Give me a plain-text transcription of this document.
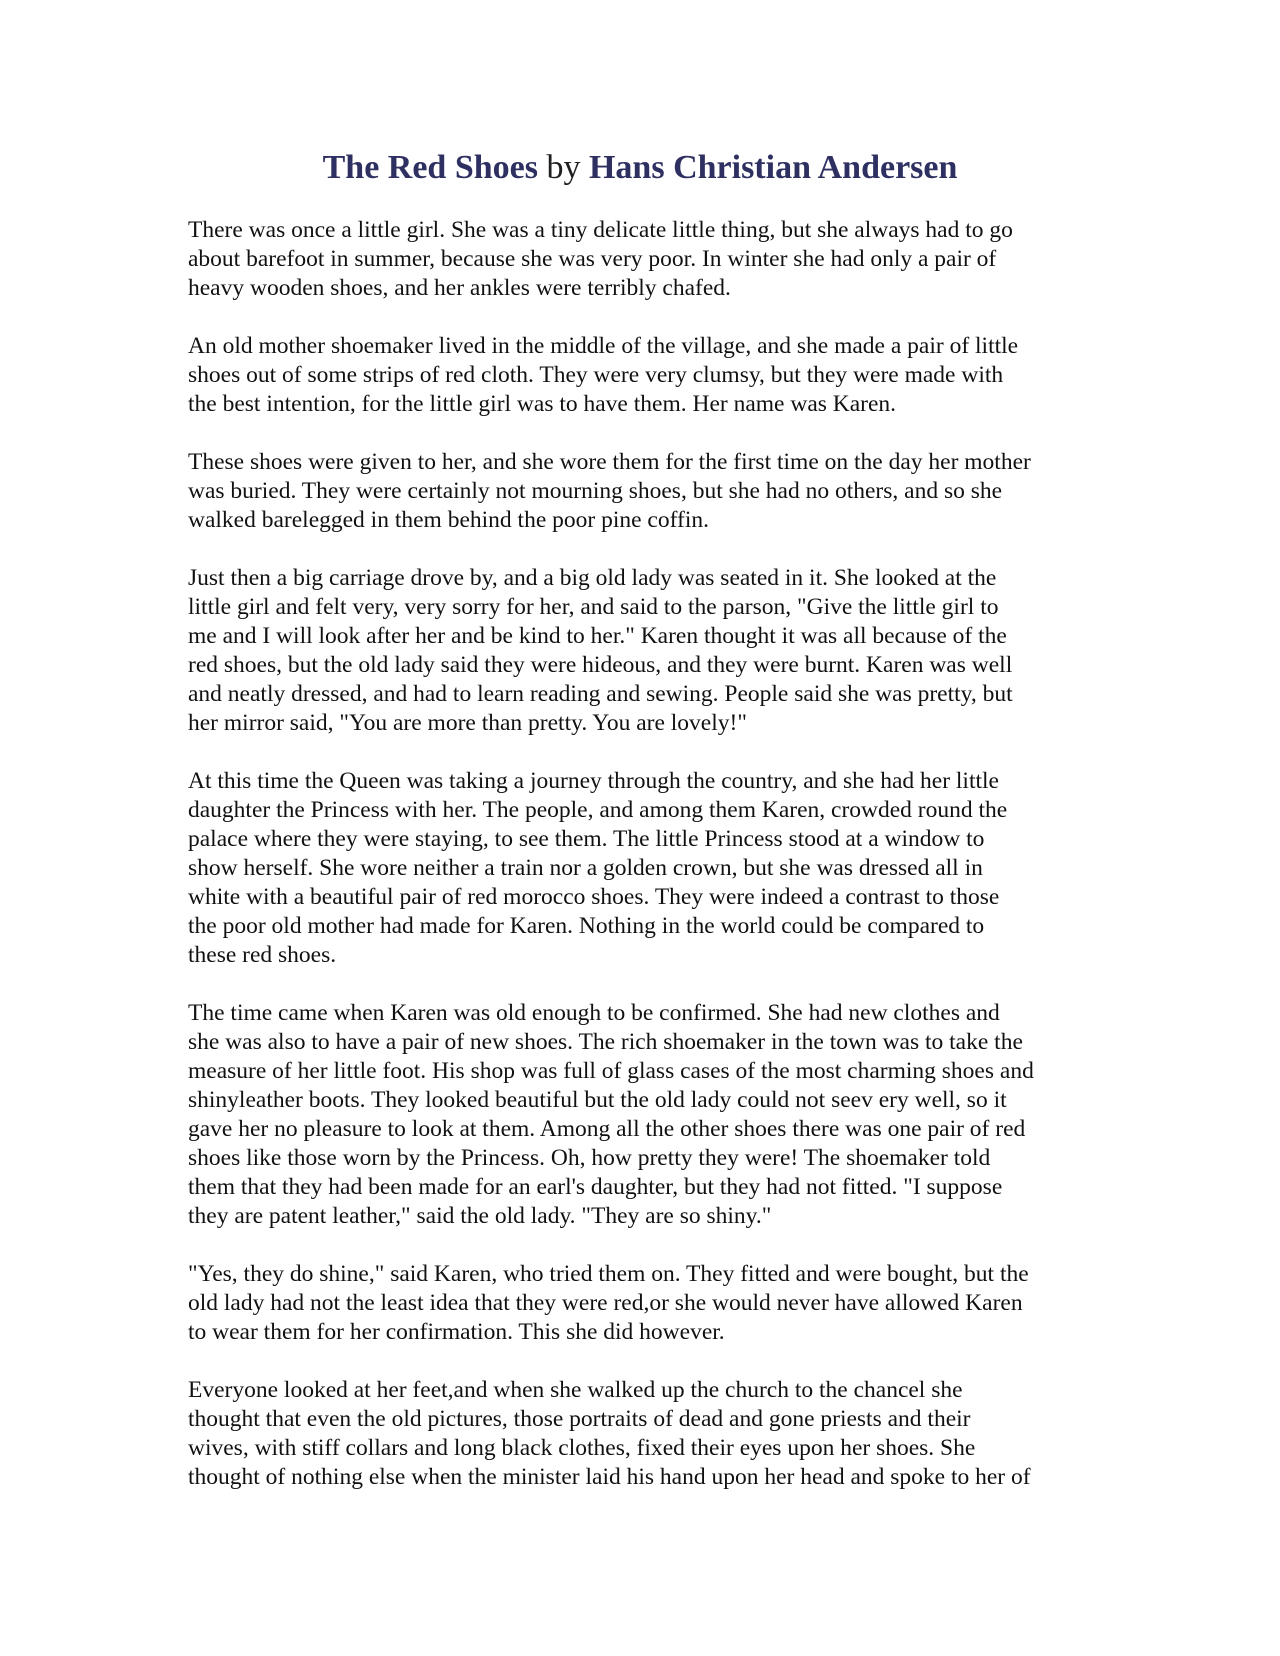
The Red Shoes by Hans Christian Andersen

There was once a little girl. She was a tiny delicate little thing, but she always had to go
about barefoot in summer, because she was very poor. In winter she had only a pair of
heavy wooden shoes, and her ankles were terribly chafed.

An old mother shoemaker lived in the middle of the village, and she made a pair of little
shoes out of some strips of red cloth. They were very clumsy, but they were made with
the best intention, for the little girl was to have them. Her name was Karen.

These shoes were given to her, and she wore them for the first time on the day her mother
was buried. They were certainly not mourning shoes, but she had no others, and so she
walked barelegged in them behind the poor pine coffin.

Just then a big carriage drove by, and a big old lady was seated in it. She looked at the
little girl and felt very, very sorry for her, and said to the parson, "Give the little girl to
me and I will look after her and be kind to her." Karen thought it was all because of the
red shoes, but the old lady said they were hideous, and they were burnt. Karen was well
and neatly dressed, and had to learn reading and sewing. People said she was pretty, but
her mirror said, "You are more than pretty. You are lovely!"

At this time the Queen was taking a journey through the country, and she had her little
daughter the Princess with her. The people, and among them Karen, crowded round the
palace where they were staying, to see them. The little Princess stood at a window to
show herself. She wore neither a train nor a golden crown, but she was dressed all in
white with a beautiful pair of red morocco shoes. They were indeed a contrast to those
the poor old mother had made for Karen. Nothing in the world could be compared to
these red shoes.

The time came when Karen was old enough to be confirmed. She had new clothes and
she was also to have a pair of new shoes. The rich shoemaker in the town was to take the
measure of her little foot. His shop was full of glass cases of the most charming shoes and
shinyleather boots. They looked beautiful but the old lady could not seev ery well, so it
gave her no pleasure to look at them. Among all the other shoes there was one pair of red
shoes like those worn by the Princess. Oh, how pretty they were! The shoemaker told
them that they had been made for an earl's daughter, but they had not fitted. "I suppose
they are patent leather," said the old lady. "They are so shiny."

"Yes, they do shine," said Karen, who tried them on. They fitted and were bought, but the
old lady had not the least idea that they were red,or she would never have allowed Karen
to wear them for her confirmation. This she did however.

Everyone looked at her feet,and when she walked up the church to the chancel she
thought that even the old pictures, those portraits of dead and gone priests and their
wives, with stiff collars and long black clothes, fixed their eyes upon her shoes. She
thought of nothing else when the minister laid his hand upon her head and spoke to her of
